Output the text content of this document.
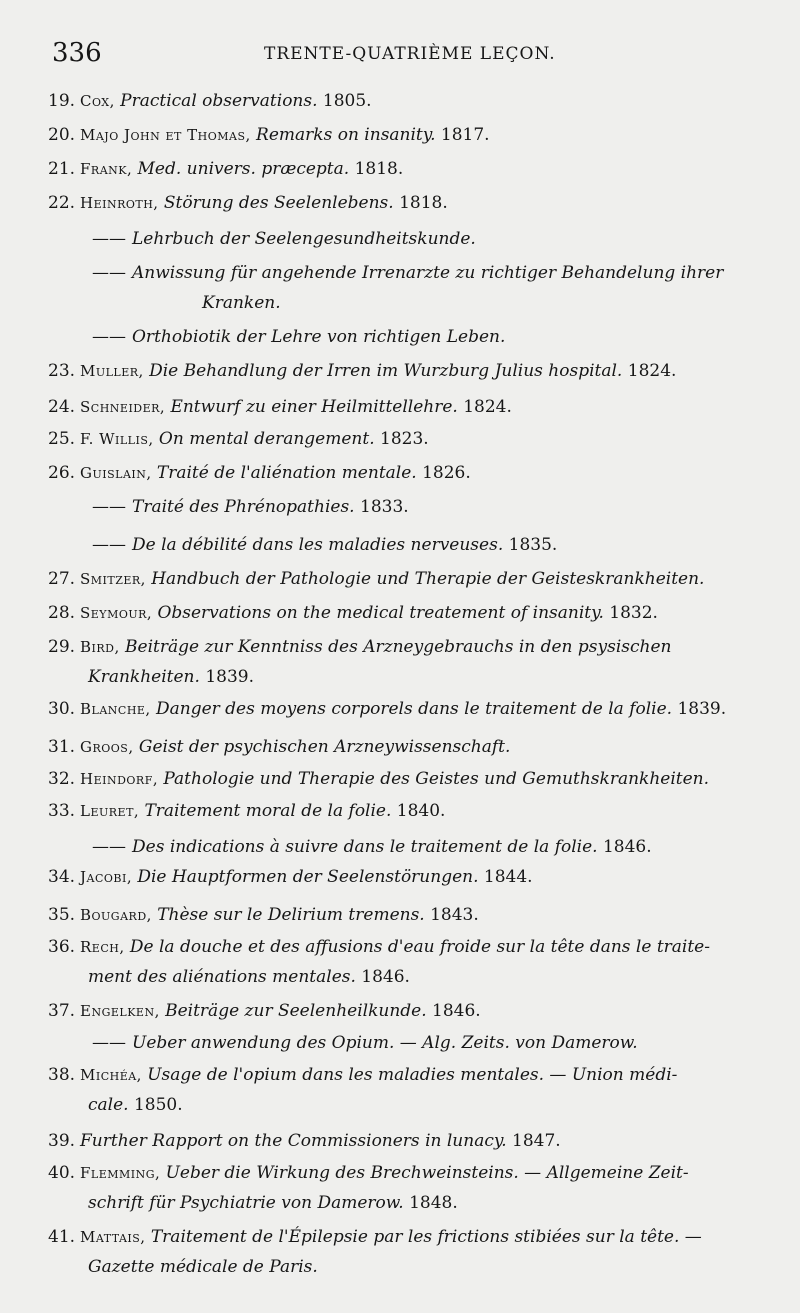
336	TRENTE-QUATRIÈME LEÇON.
19.Cox, Practical observations. 1805.
20.Majo John et Thomas, Remarks on insanity. 1817.
21.Frank, Med. univers. præcepta. 1818.
22.Heinroth, Störung des Seelenlebens. 1818.
—— Lehrbuch der Seelengesundheitskunde.
—— Anwissung für angehende Irrenarzte zu richtiger Behandelung ihrer
Kranken.
—— Orthobiotik der Lehre von richtigen Leben.
23.Muller, Die Behandlung der Irren im Wurzburg Julius hospital. 1824.
24.Schneider, Entwurf zu einer Heilmittellehre. 1824.
25.F. Willis, On mental derangement. 1823.
26.Guislain, Traité de l'aliénation mentale. 1826.
—— Traité des Phrénopathies. 1833.
—— De la débilité dans les maladies nerveuses. 1835.
27.Smitzer, Handbuch der Pathologie und Therapie der Geisteskrankheiten.
28.Seymour, Observations on the medical treatement of insanity. 1832.
29.Bird, Beiträge zur Kenntniss des Arzneygebrauchs in den psysischen
Krankheiten. 1839.
30.Blanche, Danger des moyens corporels dans le traitement de la folie. 1839.
31.Groos, Geist der psychischen Arzneywissenschaft.
32.Heindorf, Pathologie und Therapie des Geistes und Gemuthskrankheiten.
33.Leuret, Traitement moral de la folie. 1840.
—— Des indications à suivre dans le traitement de la folie. 1846.
34.Jacobi, Die Hauptformen der Seelenstörungen. 1844.
35.Bougard, Thèse sur le Delirium tremens. 1843.
36.Rech, De la douche et des affusions d'eau froide sur la tête dans le traite-
ment des aliénations mentales. 1846.
37.Engelken, Beiträge zur Seelenheilkunde. 1846.
—— Ueber anwendung des Opium. — Alg. Zeits. von Damerow.
38.Michéa, Usage de l'opium dans les maladies mentales. — Union médi-
cale. 1850.
39.Further Rapport on the Commissioners in lunacy. 1847.
40.Flemming, Ueber die Wirkung des Brechweinsteins. — Allgemeine Zeit-
schrift für Psychiatrie von Damerow. 1848.
41.Mattais, Traitement de l'Épilepsie par les frictions stibiées sur la tête. —
Gazette médicale de Paris.
